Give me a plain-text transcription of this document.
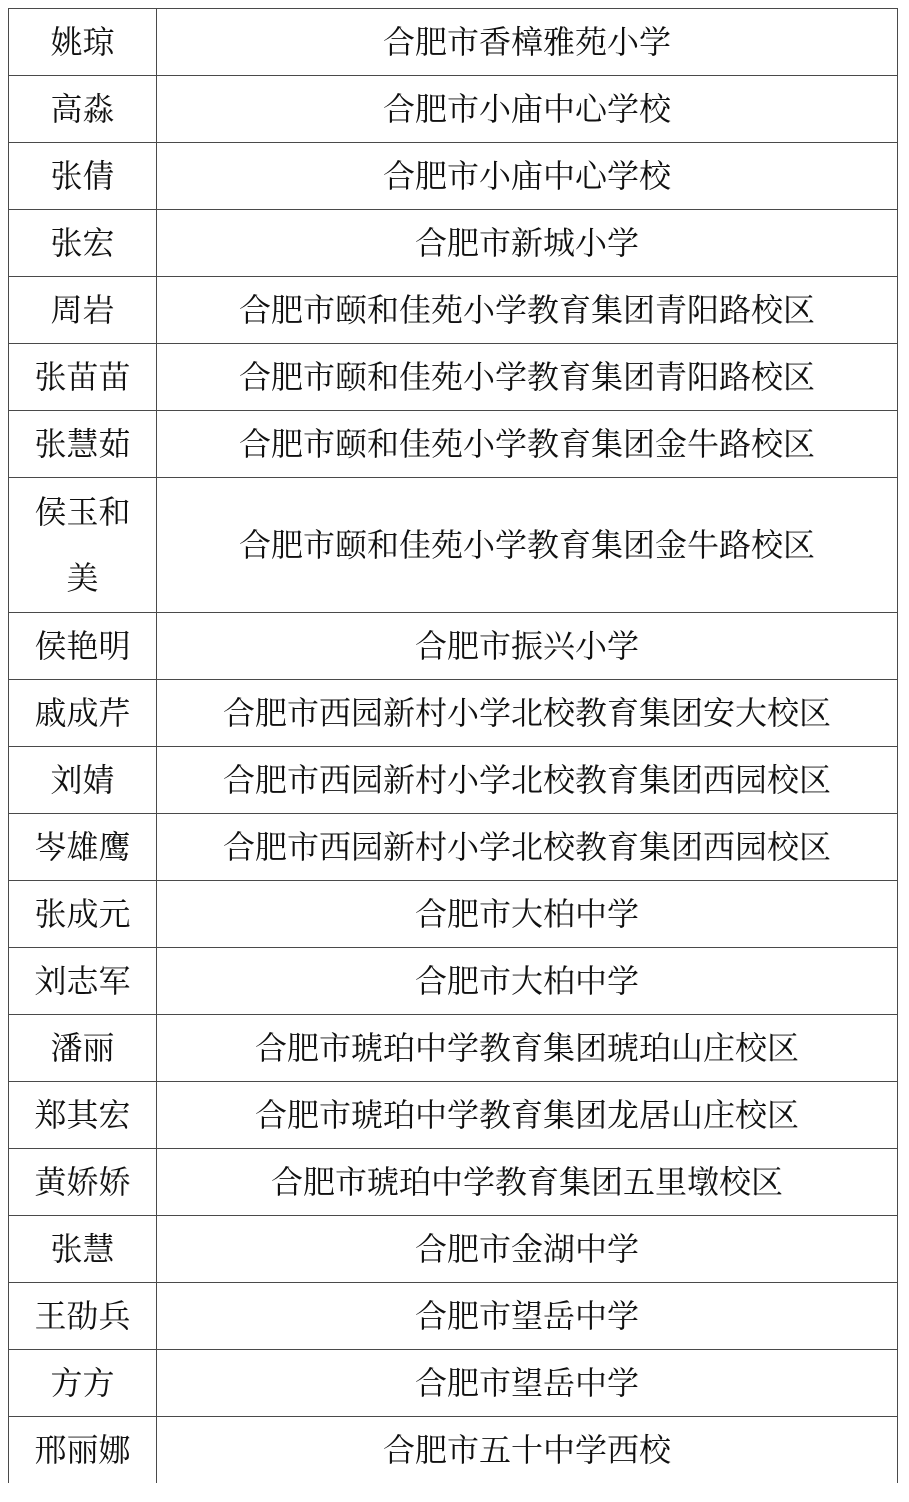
姚琼	合肥市香樟雅苑小学
高淼	合肥市小庙中心学校
张倩	合肥市小庙中心学校
张宏	合肥市新城小学
周岩	合肥市颐和佳苑小学教育集团青阳路校区
张苗苗	合肥市颐和佳苑小学教育集团青阳路校区
张慧茹	合肥市颐和佳苑小学教育集团金牛路校区
侯玉和美	合肥市颐和佳苑小学教育集团金牛路校区
侯艳明	合肥市振兴小学
戚成芹	合肥市西园新村小学北校教育集团安大校区
刘婧	合肥市西园新村小学北校教育集团西园校区
岑雄鹰	合肥市西园新村小学北校教育集团西园校区
张成元	合肥市大柏中学
刘志军	合肥市大柏中学
潘丽	合肥市琥珀中学教育集团琥珀山庄校区
郑其宏	合肥市琥珀中学教育集团龙居山庄校区
黄娇娇	合肥市琥珀中学教育集团五里墩校区
张慧	合肥市金湖中学
王劭兵	合肥市望岳中学
方方	合肥市望岳中学
邢丽娜	合肥市五十中学西校
